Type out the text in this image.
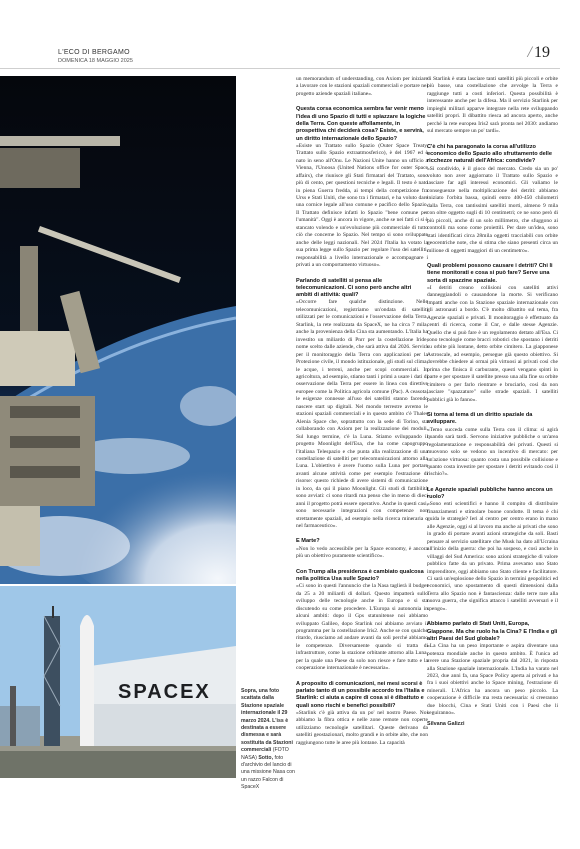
L'ECO DI BERGAMO
DOMENICA 18 MAGGIO 2025	/ 19
SPACEX	Sopra, una foto scattata dalla Stazione spaziale internazionale il 29 marzo 2024. L'iss è destinata a essere dismessa e sarà sostituita da Stazioni commerciali (FOTO NASA) Sotto, foto d'archivio del lancio di una missione Nasa con un razzo Falcon di SpaceX

un memorandum of understanding, con Axiom per iniziare a lavorare con le stazioni spaziali commerciali e portare nel progetto aziende spaziali italiane».

Questa corsa economica sembra far venir meno l'idea di uno Spazio di tutti e spiazzare la logiche della Terra. Con queste affollamente, in prospettiva chi deciderà cosa? Esiste, e servirà, un diritto internazionale dello Spazio?

«Esiste un Trattato sullo Spazio (Outer Space Treaty, Trattato sullo Spazio extraatmosferico), è del 1967 ed è nato in seno all'Onu. Le Nazioni Unite hanno un ufficio a Vienna, l'Unoosa (United Nations office for outer Space affairs), che riunisce gli Stati firmatari del Trattato, sono più di cento, per questioni tecniche e legali. Il testo è nato in piena Guerra fredda, ai tempi della competizione fra Urss e Stati Uniti, che sono tra i firmatari, e ha voluto dare una cornice legale all'uso comune e pacifico dello Spazio. Il Trattato definisce infatti lo Spazio "bene comune per l'umanità". Oggi è ancora in vigore, anche se nei fatti ci si è stancato volendo e un'evoluzione più commerciale di tutto ciò che concerne lo Spazio. Nel tempo si sono sviluppate anche delle leggi nazionali. Nel 2024 l'Italia ha votato la sua prima legge sullo Spazio per regolare l'uso dei satelliti, responsabilità a livello internazionale e accompagnare i privati a un comportamento virtuoso».

Parlando di satelliti si pensa alle telecomunicazioni. Ci sono però anche altri ambiti di attività: quali?

«Occorre fare qualche distinzione. Nelle telecomunicazioni, registriamo un'ondata di satelliti utilizzati per le comunicazioni e l'osservazione della Terra. Starlink, la rete realizzata da SpaceX, ne ha circa 7 mila, anche la provenienza della Cina sta aumentando. L'Italia ha investito un miliardo di Pnrr per la costellazione Iride, nome scelto dalle aziende, che sarà attiva dal 2026. Servirà per il monitoraggio della Terra con applicazioni per la Protezione civile, il mondo istituzionale, gli studi sul clima, le acque, i terreni, anche per scopi commerciali. In agricoltura, ad esempio, stiamo tanti i primi a usare i dati di osservazione della Terra per essere in linea con direttive europee come la Politica agricola comune (Pac). A ceasota, le esigenze connesse all'uso dei satelliti stanno facendo nascere start up digitali. Nel mondo terrestre avremo le stazioni spaziali commerciali e in questo ambito c'è Thales Alenia Space che, soprattutto con la sede di Torino, sta collaborando con Axiom per la realizzazione dei moduli. Sul lungo termine, c'è la Luna. Stiamo sviluppando il progetto Moonlight dell'Esa, che ha come capogruppo l'italiana Telespazio e che punta alla realizzazione di una costellazione di satelliti per telecomunicazioni attorno alla Luna. L'obiettivo è avere l'uomo sulla Luna per portare avanti alcune attività come per esempio l'estrazione di risorse: questo richiede di avere sistemi di comunicazione in loco, da qui il piano Moonlight. Gli studi di fattibilità sono avviati: ci sono ritardi ma penso che in meno di dieci anni il progetto potrà essere operativo. Anche in questi casi, sono necessarie integrazioni con competenze non strettamente spaziali, ad esempio nella ricerca mineraria o nel farmaceutico».

E Marte?

«Non lo vedo accessibile per la Space economy, è ancora più un obiettivo puramente scientifico».

Con Trump alla presidenza è cambiato qualcosa nella politica Usa sulle Spazio?

«Ci sono in questi l'annuncio che la Nasa taglierà il budget da 25 a 20 miliardi di dollari. Questo impatterà sullo sviluppo delle tecnologie anche in Europa e si sta discutendo su come procedere. L'Europa si autonomia in alcuni ambiti: dopo il Gps statunitense noi abbiamo sviluppato Galileo, dopo Starlink noi abbiamo avviato il programma per la costellazione Iris2. Anche se con qualche ritardo, riusciamo ad andare avanti da soli perché abbiamo le competenze. Diversamente quando si tratta di infrastrutture, come la stazione orbitante attorno alla Luna, per la quale una Paese da solo non riesce e fare tutto e la cooperazione internazionale è necessaria».

A proposito di comunicazioni, nei mesi scorsi è parlato tanto di un possibile accordo tra l'Italia e Starlink: ci aiuta a capire di cosa si è dibattuto e quali sono rischi e benefici possibili?

«Starlink c'è già attiva da un po' nel nostro Paese. Noi abbiamo la fibra ottica e nelle zone remote non coperte utilizziamo tecnologie satellitari. Queste derivano da satelliti geostazionari, molto grandi e in orbite alte, che non raggiungono tutte le aree più lontane. La capacità

di Starlink è stata lasciare tanti satelliti più piccoli e orbite più basse, una costellazione che avvolge la Terra e raggiunge tutti a costi inferiori. Questa possibilità è interessante anche per la difesa. Ma il servizio Starlink per impieghi militari apparve integrare nella rete sviluppando satelliti propri. Il dibattito riesca ad ancora aperto, anche perché la rete europea Iris2 sarà pronta nel 2030: andiamo sul mercato sempre un po' tardi».

C'è chi ha paragonato la corsa all'utilizzo economico dello Spazio allo sfruttamento delle ricchezze naturali dell'Africa: condivide?

«Si condivido, è il gioco del mercato. Credo sia un po' voluto non aver aggiornato il Trattato sullo Spazio e lasciare far agli interessi economici. Gli valiamo le conseguenze nella moltiplicazione dei detriti: abbiamo iniziato l'orbita bassa, quindi entro 400-450 chilometri dalla Terra, con tantissimi satelliti morti, almeno 9 mila con oltre oggetto sugli di 10 centimetri; ce ne sono però di più piccoli, anche di un solo millimetro, che sfuggono ai controlli ma sono come proiettili. Per dare un'idea, sono stati identificati circa 28mila oggetti tracciabili con orbite geocentriche note, che si stima che siano presenti circa un milione di oggetti maggiori di un centimetro».

Quali problemi possono causare i detriti? Chi li tiene monitorati e cosa si può fare? Serve una sorta di spazzine spaziale.

«I detriti creano collisioni con satelliti attivi danneggiandoli o causandone la morte. Si verificano impatti anche con la Stazione spaziale internazionale con gli astronauti a bordo. C'è molto dibattito sul tema, fra Agenzie spaziali e privati. Il monitoraggio è effettuato da centri di ricerca, come il Cnr, e dalle stesse Agenzie. Quello che si può fare è un regolamento dettato all'Esa. Ci sono tecnologie come bracci robotici che spostano i detriti su orbite più lontane, detto orbite cimitero. La giapponese Astroscale, ad esempio, persegue già questo obiettivo. Si dovrebbe chiedere ai ormai più virtuosi ai privati così che prima che finisca il carburante, questi vengano spinti in parte e per spostare il satellite presso una alla fine su orbite cimitero o per farlo rientrare e bruciarlo, così da non lasciare "spazzature" sulle strade spaziali. I satelliti pubblici già lo fanno».

Si torna al tema di un diritto spaziale da sviluppare.

«Temo succeda come sulla Terra con il clima: si agirà quando sarà tardi. Servono iniziative pubbliche o un'area regolamentazione e responsabilità dei privati. Questi si muovono solo se vedono un incentivo di mercato: per un'azione virtuosa: quanto costa una possibile collisione e quanto costa investire per spostare i detriti evitando così il rischio?».

Le Agenzie spaziali pubbliche hanno ancora un ruolo?

«Sono enti scientifici e hanno il compito di distribuire finanziamenti e stimolare buone condotte. Il tema è chi guida le strategie? Ieri al centro per centro erano in mano alle Agenzie, oggi si al lavoro ma anche ai privati che sono in grado di portare avanti azioni strategiche da soli. Basti pensare al servizio satellitare che Musk ha dato all'Ucraina all'inizio della guerra: che poi ha sospeso, e così anche in villaggi del Sud America: sono azioni strategiche di valore pubblico fatte da un privato. Prima avevamo uno Stato imprenditore, oggi abbiamo uno Stato cliente e facilitatore. Ci sarà un'esplosione dello Spazio in termini geopolitici ed economici, uno spostamento di questi dimensioni dalla Terra allo Spazio non è fantascienza: dalle terre rare alla nuova guerra, che significa attacco i satelliti avversari e il spengo».

Abbiamo parlato di Stati Uniti, Europa, Giappone. Ma che ruolo ha la Cina? E l'India e gli altri Paesi del Sud globale?

«La Cina ha un peso importante e aspira diventare una potenza mondiale anche in questo ambito. È l'unica ad avere una Stazione spaziale propria dal 2021, in risposta alla Stazione spaziale internazionale. L'India ha varato nel 2023, due anni fa, una Space Policy aperta ai privati e ha fra i suoi obiettivi anche lo Space mining, l'estrazione di minerali. L'Africa ha ancora un peso piccolo. La cooperazione è difficile ma resta necessaria: si creeranno due blocchi, Cina e Stati Uniti con i Paesi che li seguiranno».

Silvana Galizzi
